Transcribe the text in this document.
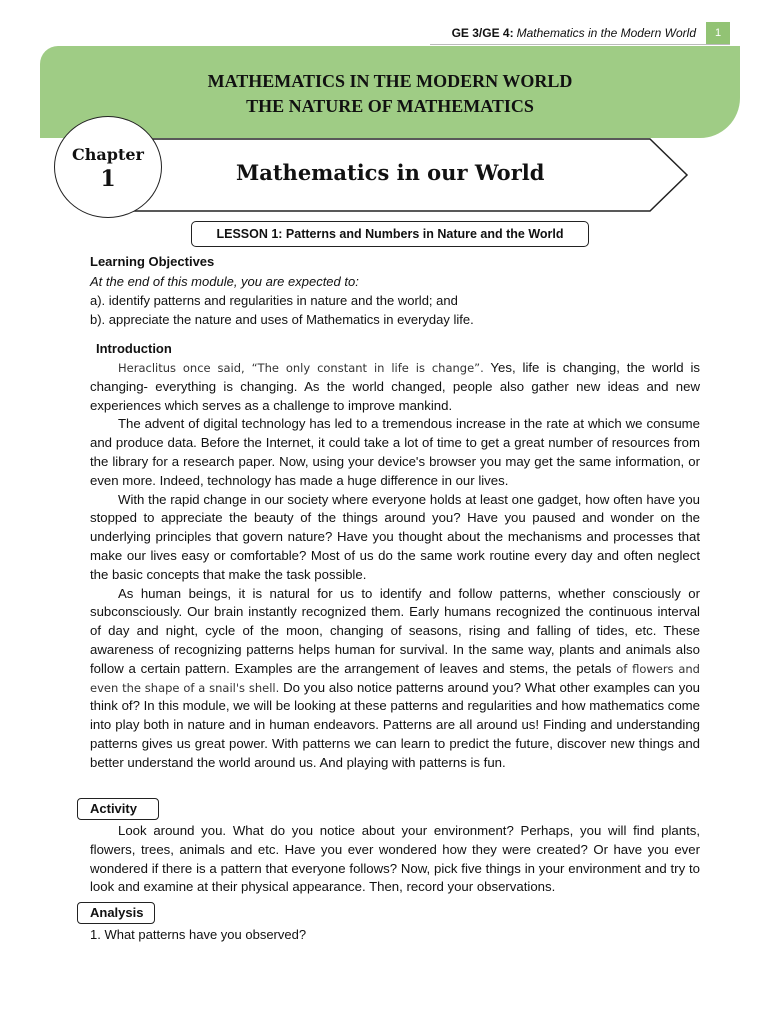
GE 3/GE 4: Mathematics in the Modern World	1
MATHEMATICS IN THE MODERN WORLD
THE NATURE OF MATHEMATICS
Mathematics in our World
Chapter
1
LESSON 1: Patterns and Numbers in Nature and the World
Learning Objectives
At the end of this module, you are expected to:
a). identify patterns and regularities in nature and the world; and
b). appreciate the nature and uses of Mathematics in everyday life.
Introduction

Heraclitus once said, “The only constant in life is change”. Yes, life is changing, the world is changing- everything is changing. As the world changed, people also gather new ideas and new experiences which serves as a challenge to improve mankind.

The advent of digital technology has led to a tremendous increase in the rate at which we consume and produce data. Before the Internet, it could take a lot of time to get a great number of resources from the library for a research paper. Now, using your device's browser you may get the same information, or even more. Indeed, technology has made a huge difference in our lives.

With the rapid change in our society where everyone holds at least one gadget, how often have you stopped to appreciate the beauty of the things around you? Have you paused and wonder on the underlying principles that govern nature? Have you thought about the mechanisms and processes that make our lives easy or comfortable? Most of us do the same work routine every day and often neglect the basic concepts that make the task possible.

As human beings, it is natural for us to identify and follow patterns, whether consciously or subconsciously. Our brain instantly recognized them. Early humans recognized the continuous interval of day and night, cycle of the moon, changing of seasons, rising and falling of tides, etc. These awareness of recognizing patterns helps human for survival. In the same way, plants and animals also follow a certain pattern. Examples are the arrangement of leaves and stems, the petals of flowers and even the shape of a snail's shell. Do you also notice patterns around you? What other examples can you think of? In this module, we will be looking at these patterns and regularities and how mathematics come into play both in nature and in human endeavors. Patterns are all around us! Finding and understanding patterns gives us great power. With patterns we can learn to predict the future, discover new things and better understand the world around us. And playing with patterns is fun.

Activity

Look around you. What do you notice about your environment? Perhaps, you will find plants, flowers, trees, animals and etc. Have you ever wondered how they were created? Or have you ever wondered if there is a pattern that everyone follows? Now, pick five things in your environment and try to look and examine at their physical appearance. Then, record your observations.

Analysis
1. What patterns have you observed?
